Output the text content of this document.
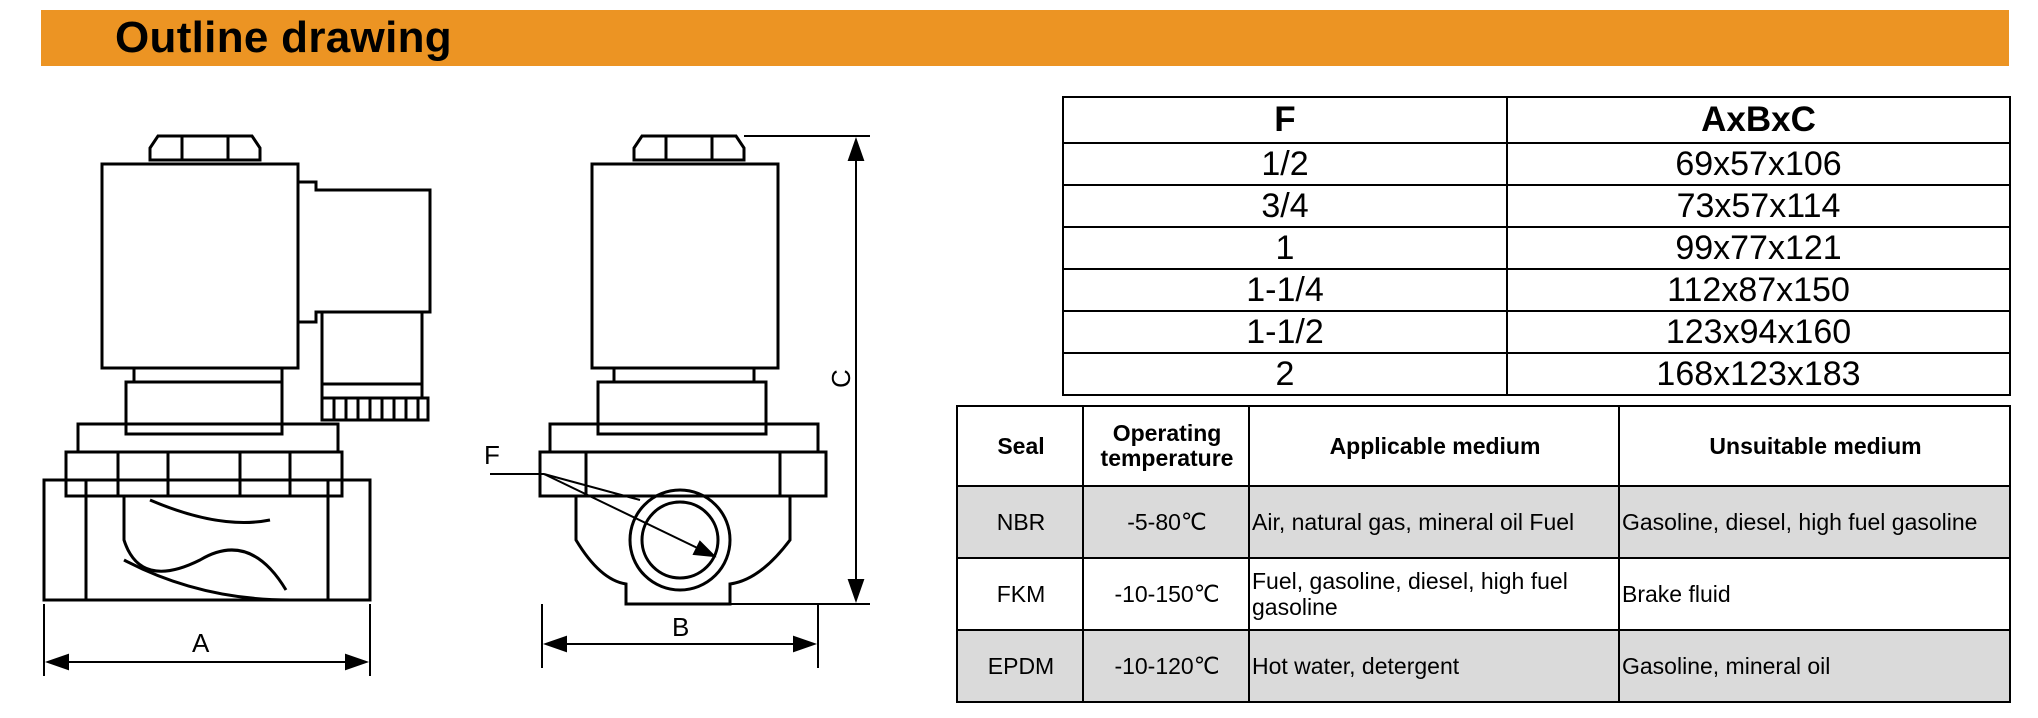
Outline drawing
A
B
C
F
F	AxBxC
1/2	69x57x106
3/4	73x57x114
1	99x77x121
1-1/4	112x87x150
1-1/2	123x94x160
2	168x123x183
Seal	Operating temperature	Applicable medium	Unsuitable medium
NBR	-5-80℃	Air, natural gas, mineral oil Fuel	Gasoline, diesel, high fuel gasoline
FKM	-10-150℃	Fuel, gasoline, diesel, high fuel gasoline	Brake fluid
EPDM	-10-120℃	Hot water, detergent	Gasoline, mineral oil
